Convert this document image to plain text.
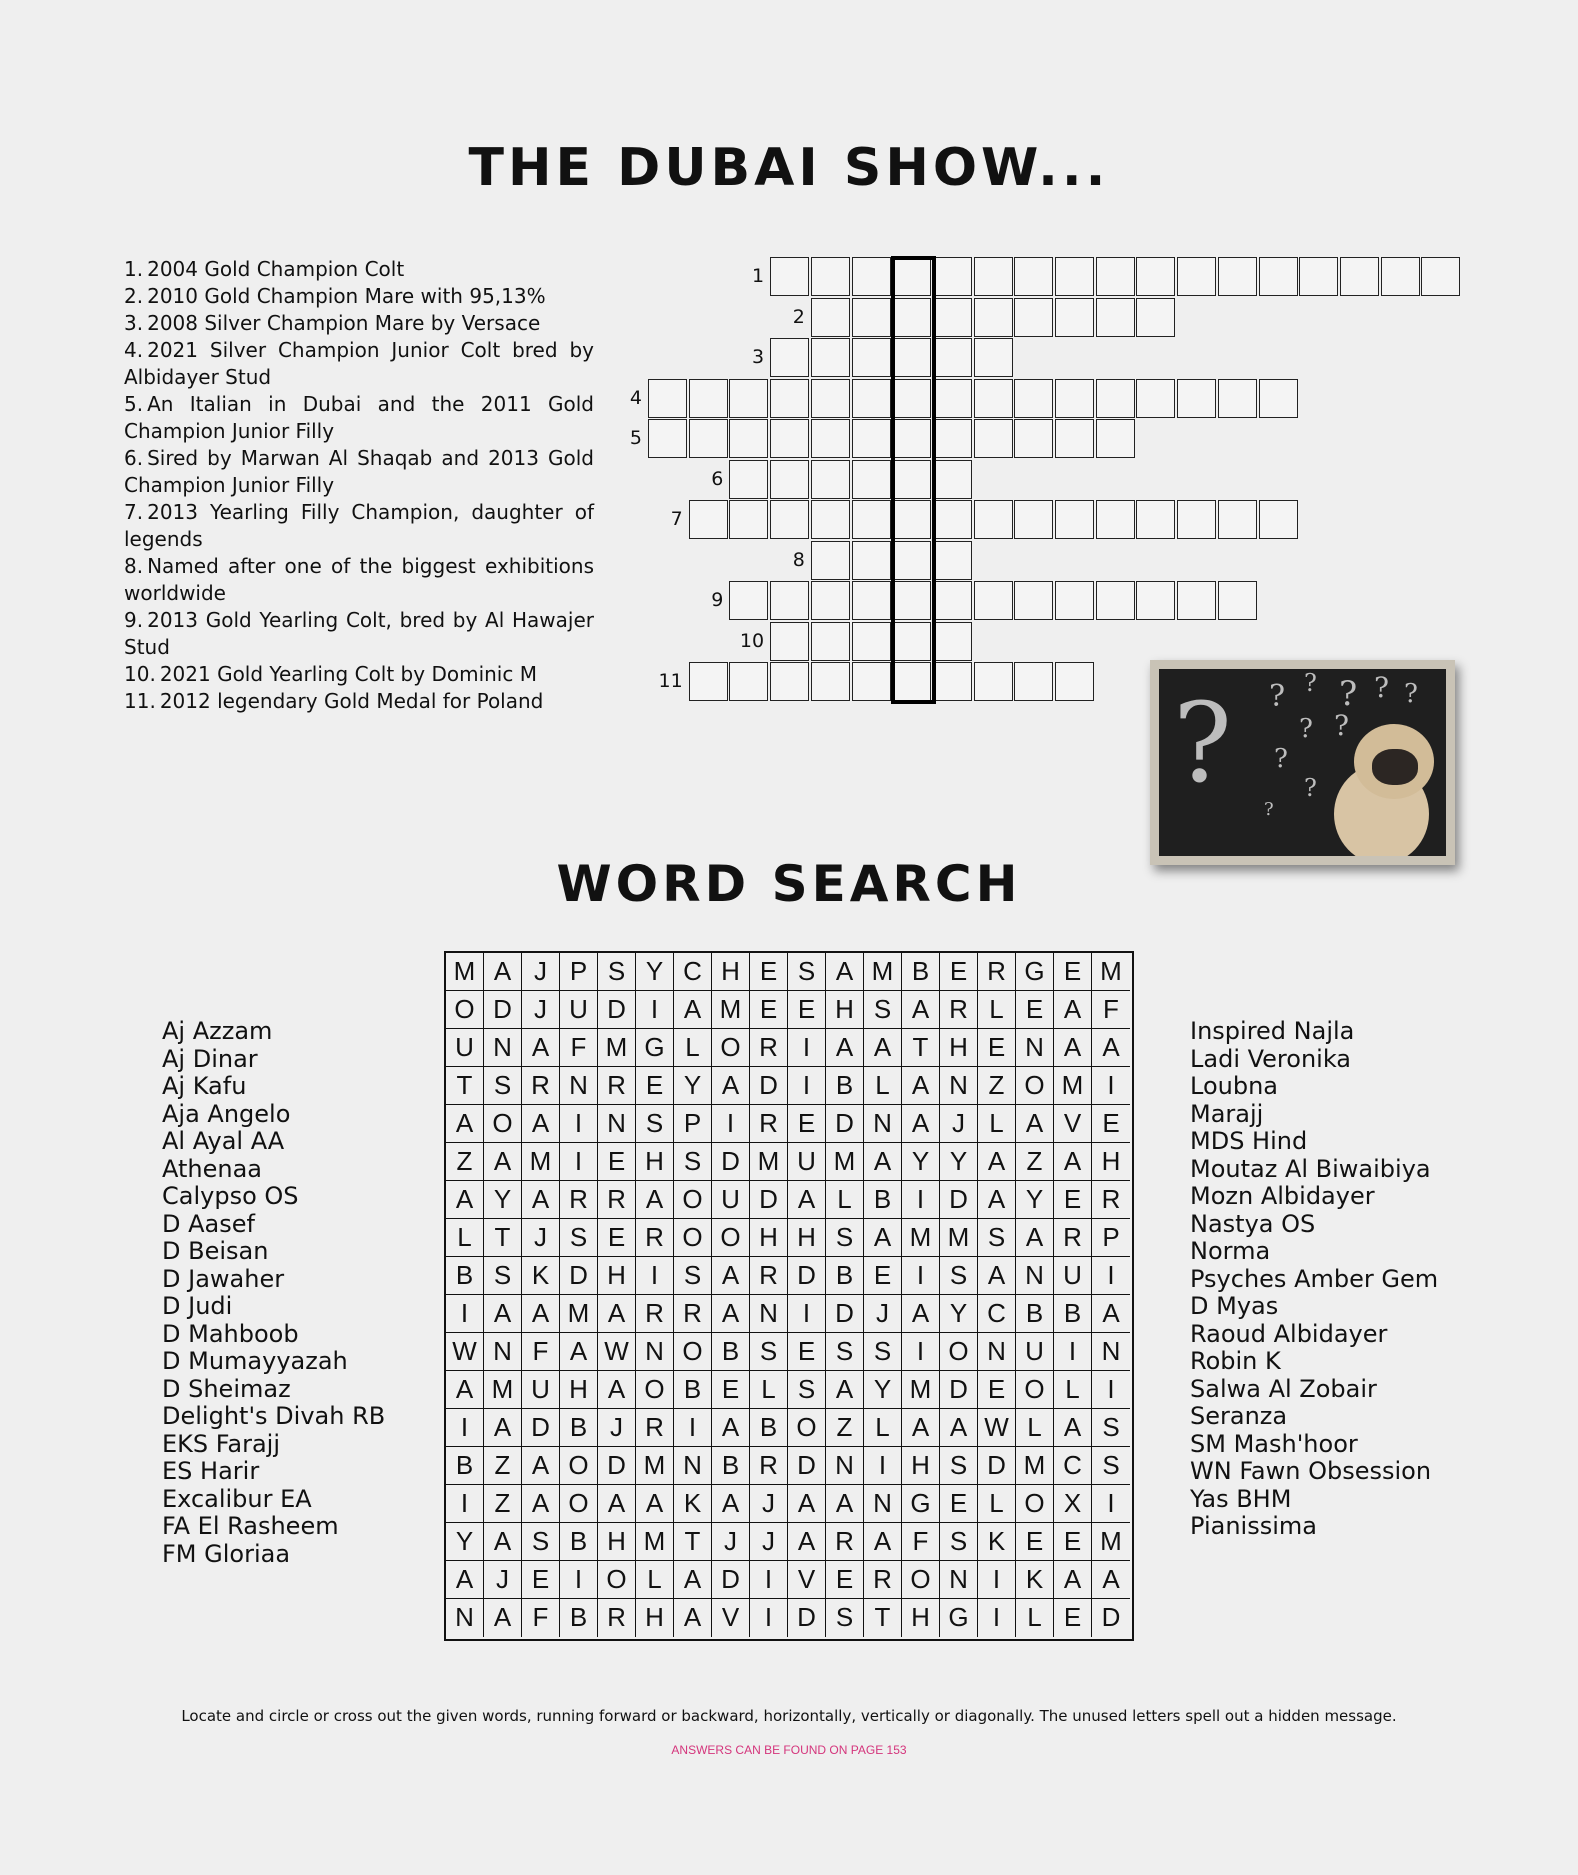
THE DUBAI SHOW...

1. 2004 Gold Champion Colt

2. 2010 Gold Champion Mare with 95,13%

3. 2008 Silver Champion Mare by Versace

4. 2021 Silver Champion Junior Colt bred by Albidayer Stud

5. An Italian in Dubai and the 2011 Gold Champion Junior Filly

6. Sired by Marwan Al Shaqab and 2013 Gold Champion Junior Filly

7. 2013 Yearling Filly Champion, daughter of legends

8. Named after one of the biggest exhibitions worldwide

9. 2013 Gold Yearling Colt, bred by Al Hawajer Stud

10. 2021 Gold Yearling Colt by Dominic M

11. 2012 legendary Gold Medal for Poland

1
2
3
4
5
6
7
8
9
10
11	? ? ? ? ? ?
? ?
?
?
?
WORD SEARCH
Aj Azzam
Aj Dinar
Aj Kafu
Aja Angelo
Al Ayal AA
Athenaa
Calypso OS
D Aasef
D Beisan
D Jawaher
D Judi
D Mahboob
D Mumayyazah
D Sheimaz
Delight's Divah RB
EKS Farajj
ES Harir
Excalibur EA
FA El Rasheem
FM Gloriaa
M A J P S Y C H E S A M B E R G E M
O D J U D I A M E E H S A R L E A F
U N A F M G L O R I A A T H E N A A
T S R N R E Y A D I B L A N Z O M I
A O A I N S P I R E D N A J L A V E
Z A M I E H S D M U M A Y Y A Z A H
A Y A R R A O U D A L B I D A Y E R
L T J S E R O O H H S A M M S A R P
B S K D H I S A R D B E I S A N U I
I A A M A R R A N I D J A Y C B B A
W N F A W N O B S E S S I O N U I N
A M U H A O B E L S A Y M D E O L	I
I A D B J R I A B O Z L A A W L A S
B Z A O D M N B R D N I H S D M C S
I	Z A O A A K A J A A N G E L O X	I
Y A S B H M T J J A R A F S K E E M
A J E I O L A D I V E R O N I K A A
N A F B R H A V I D S T H G I	L E D
Inspired Najla
Ladi Veronika
Loubna
Marajj
MDS Hind
Moutaz Al Biwaibiya
Mozn Albidayer
Nastya OS
Norma
Psyches Amber Gem
D Myas
Raoud Albidayer
Robin K
Salwa Al Zobair
Seranza
SM Mash'hoor
WN Fawn Obsession
Yas BHM
Pianissima
Locate and circle or cross out the given words, running forward or backward, horizontally, vertically or diagonally. The unused letters spell out a hidden message.
ANSWERS CAN BE FOUND ON PAGE 153
